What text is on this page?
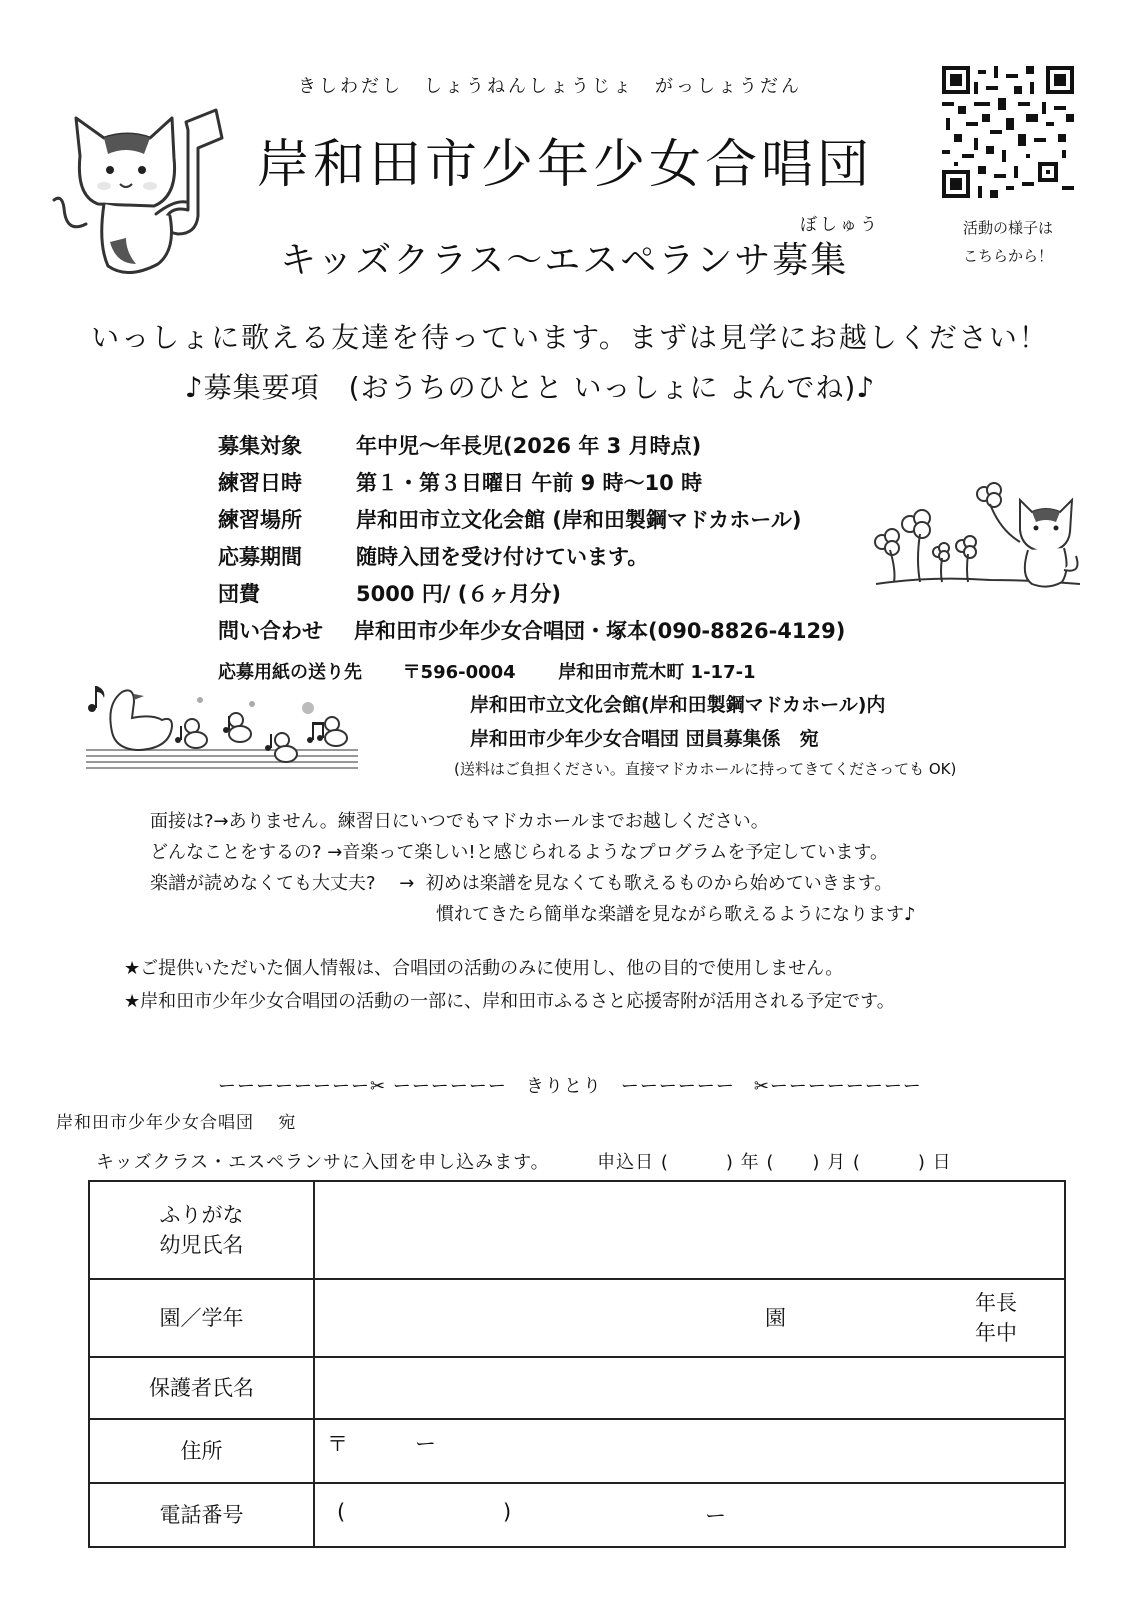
きしわだし　しょうねんしょうじょ　がっしょうだん
岸和田市少年少女合唱団
ぼしゅう
キッズクラス〜エスペランサ募集
活動の様子は
こちらから！
いっしょに歌える友達を待っています。まずは見学にお越しください！
♪募集要項　(おうちのひとと いっしょに よんでね)♪
募集対象	年中児〜年長児(2026 年 3 月時点)
練習日時	第１・第３日曜日 午前 9 時〜10 時
練習場所	岸和田市立文化会館 (岸和田製鋼マドカホール)
応募期間	随時入団を受け付けています。
団費	5000 円/ (６ヶ月分)
問い合わせ	岸和田市少年少女合唱団・塚本(090-8826-4129)
応募用紙の送り先 〒596-0004 岸和田市荒木町 1-17-1
岸和田市立文化会館(岸和田製鋼マドカホール)内
岸和田市少年少女合唱団 団員募集係　宛
(送料はご負担ください。直接マドカホールに持ってきてくださっても OK)
面接は?→ありません。練習日にいつでもマドカホールまでお越しください。
どんなことをするの? →音楽って楽しい!と感じられるようなプログラムを予定しています。
楽譜が読めなくても大丈夫?　 →  初めは楽譜を見なくても歌えるものから始めていきます。
慣れてきたら簡単な楽譜を見ながら歌えるようになります♪
★ご提供いただいた個人情報は、合唱団の活動のみに使用し、他の目的で使用しません。
★岸和田市少年少女合唱団の活動の一部に、岸和田市ふるさと応援寄附が活用される予定です。
ーーーーーーーー✂ ーーーーーー　きりとり　ーーーーーー　✂ーーーーーーーー
岸和田市少年少女合唱団　 宛
キッズクラス・エスペランサに入団を申し込みます。	申込日 (　　　) 年 (　　) 月 (　　　) 日
ふりがな
幼児氏名	

園／学年	園
年長
年中

保護者氏名	
住所	〒 ー

電話番号	( ) ー
